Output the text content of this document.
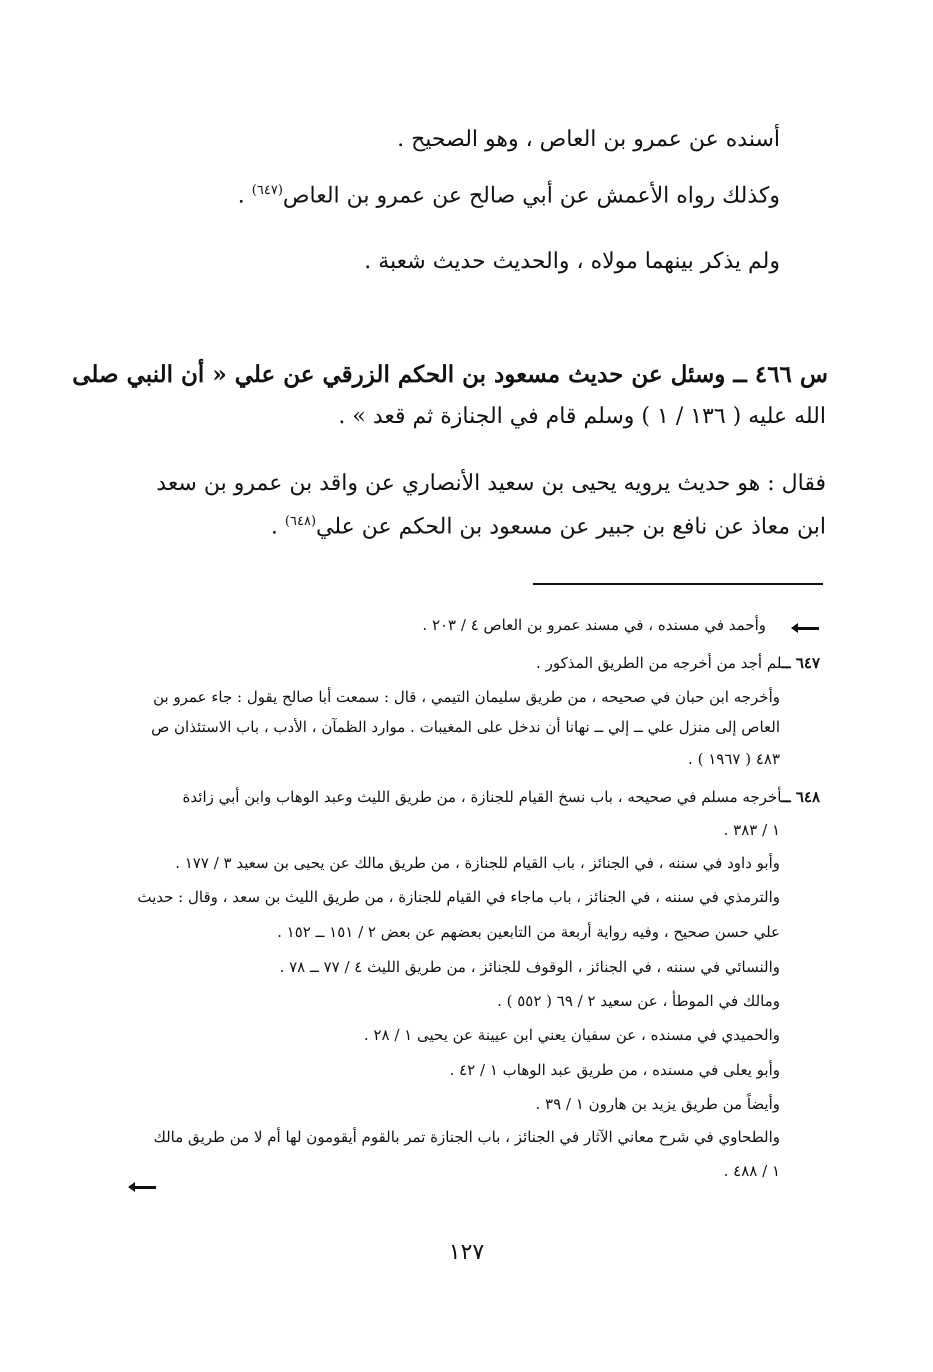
أسنده عن عمرو بن العاص ، وهو الصحيح .
وكذلك رواه الأعمش عن أبي صالح عن عمرو بن العاص$^{(٦٤٧)}$ .
ولم يذكر بينهما مولاه ، والحديث حديث شعبة .
س ٤٦٦ ــ وسئل عن حديث مسعود بن الحكم الزرقي عن علي « أن النبي صلى
الله عليه ( ١٣٦ / ١ ) وسلم قام في الجنازة ثم قعد » .
فقال : هو حديث يرويه يحيى بن سعيد الأنصاري عن واقد بن عمرو بن سعد
ابن معاذ عن نافع بن جبير عن مسعود بن الحكم عن علي$^{(٦٤٨)}$ .
وأحمد في مسنده ، في مسند عمرو بن العاص ٤ / ٢٠٣ .
٦٤٧ ــلم أجد من أخرجه من الطريق المذكور .
وأخرجه ابن حبان في صحيحه ، من طريق سليمان التيمي ، قال : سمعت أبا صالح يقول : جاء عمرو بن
العاص إلى منزل علي ــ إلي ــ نهانا أن ندخل على المغيبات . موارد الظمآن ، الأدب ، باب الاستئذان ص
٤٨٣ ( ١٩٦٧ ) .
٦٤٨ ــأخرجه مسلم في صحيحه ، باب نسخ القيام للجنازة ، من طريق الليث وعبد الوهاب وابن أبي زائدة
١ / ٣٨٣ .
وأبو داود في سننه ، في الجنائز ، باب القيام للجنازة ، من طريق مالك عن يحيى بن سعيد ٣ / ١٧٧ .
والترمذي في سننه ، في الجنائز ، باب ماجاء في القيام للجنازة ، من طريق الليث بن سعد ، وقال : حديث
علي حسن صحيح ، وفيه رواية أربعة من التابعين بعضهم عن بعض ٢ / ١٥١ ــ ١٥٢ .
والنسائي في سننه ، في الجنائز ، الوقوف للجنائز ، من طريق الليث ٤ / ٧٧ ــ ٧٨ .
ومالك في الموطأ ، عن سعيد ٢ / ٦٩ ( ٥٥٢ ) .
والحميدي في مسنده ، عن سفيان يعني ابن عيينة عن يحيى ١ / ٢٨ .
وأبو يعلى في مسنده ، من طريق عبد الوهاب ١ / ٤٢ .
وأيضاً من طريق يزيد بن هارون ١ / ٣٩ .
والطحاوي في شرح معاني الآثار في الجنائز ، باب الجنازة تمر بالقوم أيقومون لها أم لا من طريق مالك
١ / ٤٨٨ .
١٢٧
